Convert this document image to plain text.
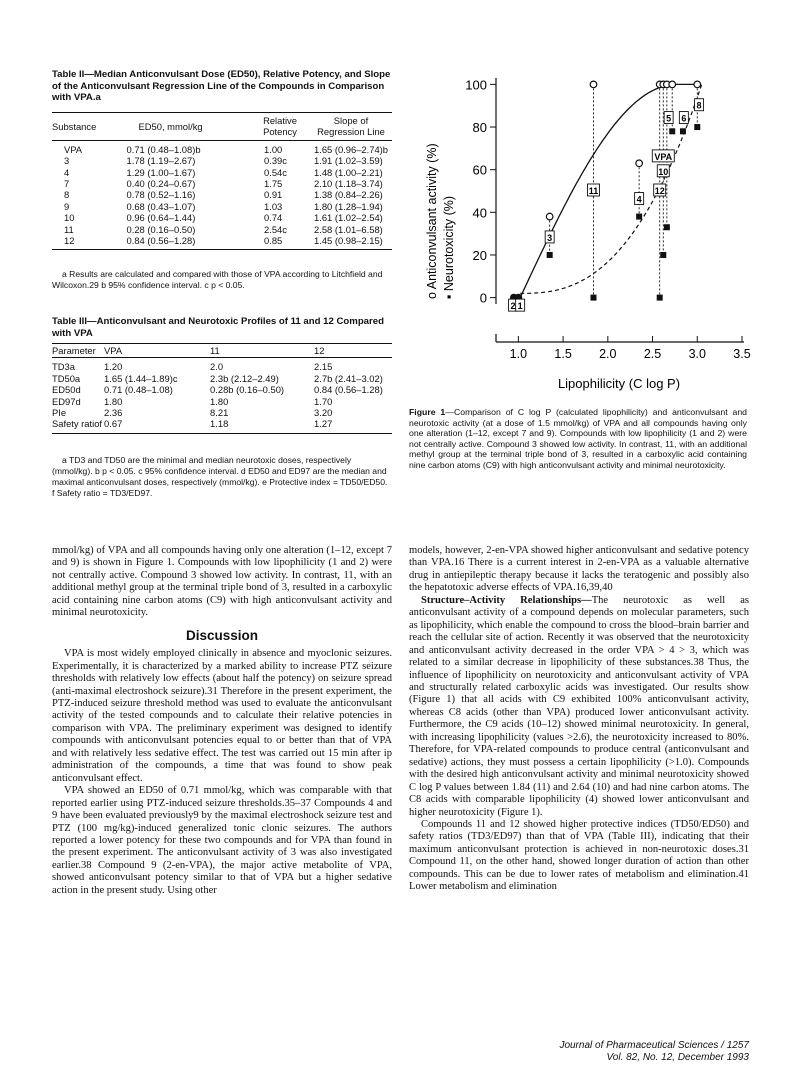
Table II—Median Anticonvulsant Dose (ED50), Relative Potency, and Slope of the Anticonvulsant Regression Line of the Compounds in Comparison with VPA.a
Substance	ED50, mmol/kg	Relative Potency	Slope of Regression Line
VPA	0.71 (0.48–1.08)b	1.00	1.65 (0.96–2.74)b
3	1.78 (1.19–2.67)	0.39c	1.91 (1.02–3.59)
4	1.29 (1.00–1.67)	0.54c	1.48 (1.00–2.21)
7	0.40 (0.24–0.67)	1.75	2.10 (1.18–3.74)
8	0.78 (0.52–1.16)	0.91	1.38 (0.84–2.26)
9	0.68 (0.43–1.07)	1.03	1.80 (1.28–1.94)
10	0.96 (0.64–1.44)	0.74	1.61 (1.02–2.54)
11	0.28 (0.16–0.50)	2.54c	2.58 (1.01–6.58)
12	0.84 (0.56–1.28)	0.85	1.45 (0.98–2.15)
a Results are calculated and compared with those of VPA according to Litchfield and Wilcoxon.29 b 95% confidence interval. c p < 0.05.
Table III—Anticonvulsant and Neurotoxic Profiles of 11 and 12 Compared with VPA
Parameter	VPA	11	12
TD3a	1.20	2.0	2.15
TD50a	1.65 (1.44–1.89)c	2.3b (2.12–2.49)	2.7b (2.41–3.02)
ED50d	0.71 (0.48–1.08)	0.28b (0.16–0.50)	0.84 (0.56–1.28)
ED97d	1.80	1.80	1.70
PIe	2.36	8.21	3.20
Safety ratiof	0.67	1.18	1.27
a TD3 and TD50 are the minimal and median neurotoxic doses, respectively (mmol/kg). b p < 0.05. c 95% confidence interval. d ED50 and ED97 are the median and maximal anticonvulsant doses, respectively (mmol/kg). e Protective index = TD50/ED50. f Safety ratio = TD3/ED97.
0
20
40
60
80
100
1.0 1.5 2.0 2.5 3.0 3.5
o Anticonvulsant activity (%) ▪ Neurotoxicity (%)
Lipophilicity (C log P)
2 1
3
11
4
12
10
VPA
5 6
8
Figure 1—Comparison of C log P (calculated lipophilicity) and anticonvulsant and neurotoxic activity (at a dose of 1.5 mmol/kg) of VPA and all compounds having only one alteration (1–12, except 7 and 9). Compounds with low lipophilicity (1 and 2) were not centrally active. Compound 3 showed low activity. In contrast, 11, with an additional methyl group at the terminal triple bond of 3, resulted in a carboxylic acid containing nine carbon atoms (C9) with high anticonvulsant activity and minimal neurotoxicity.

mmol/kg) of VPA and all compounds having only one alteration (1–12, except 7 and 9) is shown in Figure 1. Compounds with low lipophilicity (1 and 2) were not centrally active. Compound 3 showed low activity. In contrast, 11, with an additional methyl group at the terminal triple bond of 3, resulted in a carboxylic acid containing nine carbon atoms (C9) with high anticonvulsant activity and minimal neurotoxicity.

Discussion

VPA is most widely employed clinically in absence and myoclonic seizures. Experimentally, it is characterized by a marked ability to increase PTZ seizure thresholds with relatively low effects (about half the potency) on seizure spread (anti-maximal electroshock seizure).31 Therefore in the present experiment, the PTZ-induced seizure threshold method was used to evaluate the anticonvulsant activity of the tested compounds and to calculate their relative potencies in comparison with VPA. The preliminary experiment was designed to identify compounds with anticonvulsant potencies equal to or better than that of VPA and with relatively less sedative effect. The test was carried out 15 min after ip administration of the compounds, a time that was found to show peak anticonvulsant effect.

VPA showed an ED50 of 0.71 mmol/kg, which was comparable with that reported earlier using PTZ-induced seizure thresholds.35–37 Compounds 4 and 9 have been evaluated previously9 by the maximal electroshock seizure test and PTZ (100 mg/kg)-induced generalized tonic clonic seizures. The authors reported a lower potency for these two compounds and for VPA than found in the present experiment. The anticonvulsant activity of 3 was also investigated earlier.38 Compound 9 (2-en-VPA), the major active metabolite of VPA, showed anticonvulsant potency similar to that of VPA but a higher sedative action in the present study. Using other

models, however, 2-en-VPA showed higher anticonvulsant and sedative potency than VPA.16 There is a current interest in 2-en-VPA as a valuable alternative drug in antiepileptic therapy because it lacks the teratogenic and possibly also the hepatotoxic adverse effects of VPA.16,39,40

Structure–Activity Relationships—The neurotoxic as well as anticonvulsant activity of a compound depends on molecular parameters, such as lipophilicity, which enable the compound to cross the blood–brain barrier and reach the cellular site of action. Recently it was observed that the neurotoxicity and anticonvulsant activity decreased in the order VPA > 4 > 3, which was related to a similar decrease in lipophilicity of these substances.38 Thus, the influence of lipophilicity on neurotoxicity and anticonvulsant activity of VPA and structurally related carboxylic acids was investigated. Our results show (Figure 1) that all acids with C9 exhibited 100% anticonvulsant activity, whereas C8 acids (other than VPA) produced lower anticonvulsant activity. Furthermore, the C9 acids (10–12) showed minimal neurotoxicity. In general, with increasing lipophilicity (values >2.6), the neurotoxicity increased to 80%. Therefore, for VPA-related compounds to produce central (anticonvulsant and sedative) actions, they must possess a certain lipophilicity (>1.0). Compounds with the desired high anticonvulsant activity and minimal neurotoxicity showed C log P values between 1.84 (11) and 2.64 (10) and had nine carbon atoms. The C8 acids with comparable lipophilicity (4) showed lower anticonvulsant and higher neurotoxicity (Figure 1).

Compounds 11 and 12 showed higher protective indices (TD50/ED50) and safety ratios (TD3/ED97) than that of VPA (Table III), indicating that their maximum anticonvulsant protection is achieved in non-neurotoxic doses.31 Compound 11, on the other hand, showed longer duration of action than other compounds. This can be due to lower rates of metabolism and elimination.41 Lower metabolism and elimination

Journal of Pharmaceutical Sciences / 1257
Vol. 82, No. 12, December 1993
